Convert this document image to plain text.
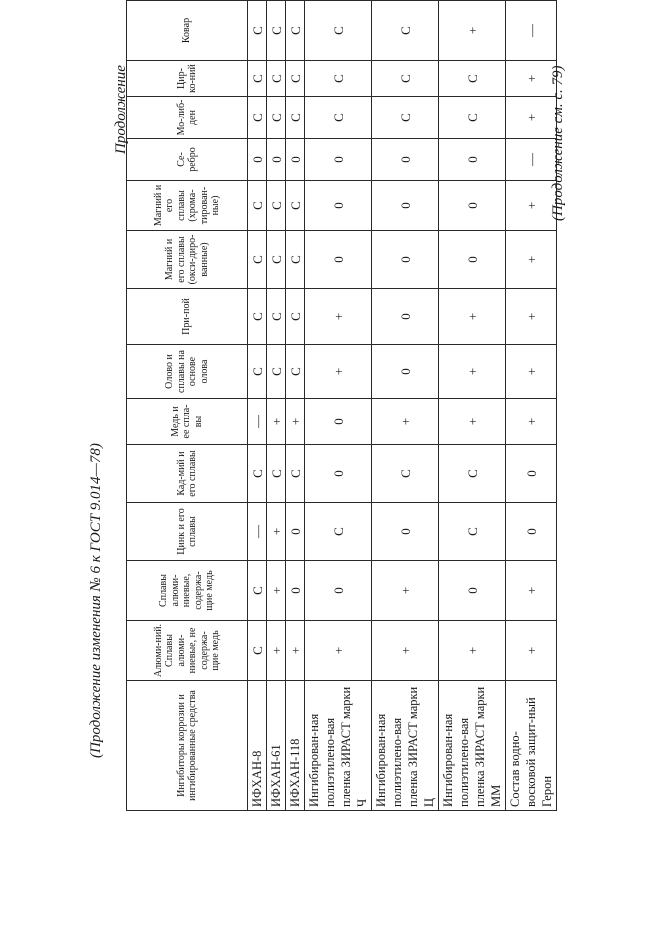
(Продолжение изменения № 6 к ГОСТ 9.014—78)
Продолжение
Ингибиторы коррозии и ингибированные средства	Алюми-ний. Сплавы алюми-ниевые, не содержа-щие медь	Сплавы алюми-ниевые, содержа-щие медь	Цинк и его сплавы	Кад-мий и его сплавы	Медь и ее спла-вы	Олово и сплавы на основе олова	При-пой	Магний и его сплавы (окси-диро-ванные)	Магний и его сплавы (хрома-тирован-ные)	Се-ребро	Мо-либ-ден	Цир-ко-ний	Ковар
ИФХАН-8	С	С	—	С	—	С	С	С	С	0	С	С	С
ИФХАН-61	+	+	+	С	+	С	С	С	С	0	С	С	С
ИФХАН-118	+	0	0	С	+	С	С	С	С	0	С	С	С
Ингибирован-ная полиэтилено-вая пленка ЗИРАСТ марки Ч	+	0	С	0	0	+	+	0	0	0	С	С	С
Ингибирован-ная полиэтилено-вая пленка ЗИРАСТ марки Ц	+	+	0	С	+	0	0	0	0	0	С	С	С
Ингибирован-ная полиэтилено-вая пленка ЗИРАСТ марки ММ	+	0	С	С	+	+	+	0	0	0	С	С	+
Состав водно-восковой защит-ный Герон	+	+	0	0	+	+	+	+	+	—	+	+	—
(Продолжение см. с. 79)
